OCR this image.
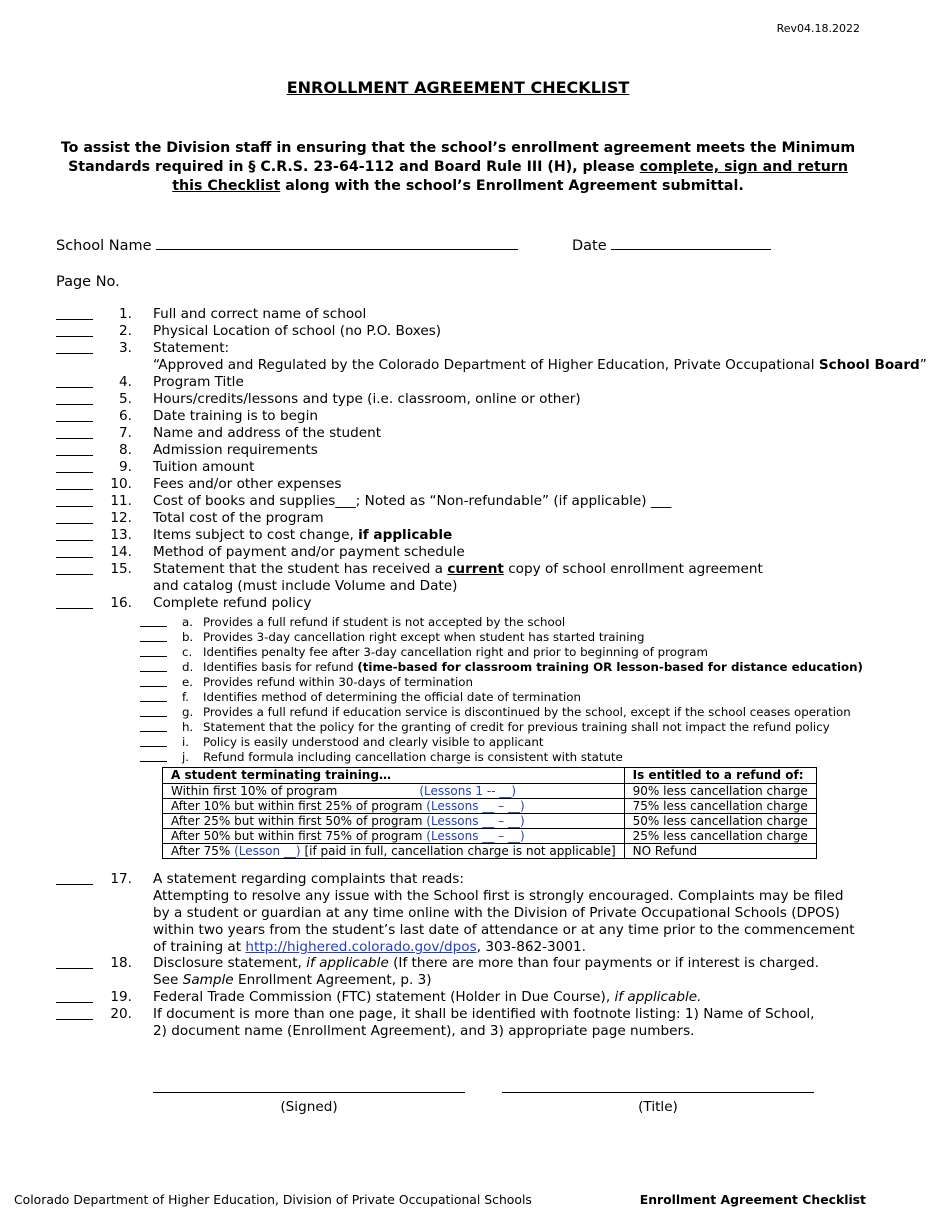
Rev04.18.2022
ENROLLMENT AGREEMENT CHECKLIST
To assist the Division staff in ensuring that the school’s enrollment agreement meets the Minimum Standards required in § C.R.S. 23-64-112 and Board Rule III (H), please complete, sign and return this Checklist along with the school’s Enrollment Agreement submittal.
School Name	Date
Page No.
1. Full and correct name of school
2. Physical Location of school (no P.O. Boxes)
3. Statement:
“Approved and Regulated by the Colorado Department of Higher Education, Private Occupational School Board”
4. Program Title
5. Hours/credits/lessons and type (i.e. classroom, online or other)
6. Date training is to begin
7. Name and address of the student
8. Admission requirements
9. Tuition amount
10. Fees and/or other expenses
11. Cost of books and supplies___; Noted as “Non-refundable” (if applicable) ___
12. Total cost of the program
13. Items subject to cost change, if applicable
14. Method of payment and/or payment schedule
15. Statement that the student has received a current copy of school enrollment agreement
and catalog (must include Volume and Date)
16. Complete refund policy
a. Provides a full refund if student is not accepted by the school
b. Provides 3-day cancellation right except when student has started training
c. Identifies penalty fee after 3-day cancellation right and prior to beginning of program
d. Identifies basis for refund (time-based for classroom training OR lesson-based for distance education)
e. Provides refund within 30-days of termination
f. Identifies method of determining the official date of termination
g. Provides a full refund if education service is discontinued by the school, except if the school ceases operation
h. Statement that the policy for the granting of credit for previous training shall not impact the refund policy
i. Policy is easily understood and clearly visible to applicant
j. Refund formula including cancellation charge is consistent with statute
A student terminating training…	Is entitled to a refund of:
Within first 10% of program (Lessons 1 -- __)	90% less cancellation charge
After 10% but within first 25% of program (Lessons __ – __)	75% less cancellation charge
After 25% but within first 50% of program (Lessons __ – __)	50% less cancellation charge
After 50% but within first 75% of program (Lessons __ – __)	25% less cancellation charge
After 75% (Lesson __) [if paid in full, cancellation charge is not applicable]	NO Refund
17. A statement regarding complaints that reads:
Attempting to resolve any issue with the School first is strongly encouraged. Complaints may be filed by a student or guardian at any time online with the Division of Private Occupational Schools (DPOS) within two years from the student’s last date of attendance or at any time prior to the commencement of training at http://highered.colorado.gov/dpos, 303-862-3001.
18. Disclosure statement, if applicable (If there are more than four payments or if interest is charged.
See Sample Enrollment Agreement, p. 3)
19. Federal Trade Commission (FTC) statement (Holder in Due Course), if applicable.
20. If document is more than one page, it shall be identified with footnote listing: 1) Name of School,
2) document name (Enrollment Agreement), and 3) appropriate page numbers.
(Signed)	(Title)
Colorado Department of Higher Education, Division of Private Occupational Schools	Enrollment Agreement Checklist
